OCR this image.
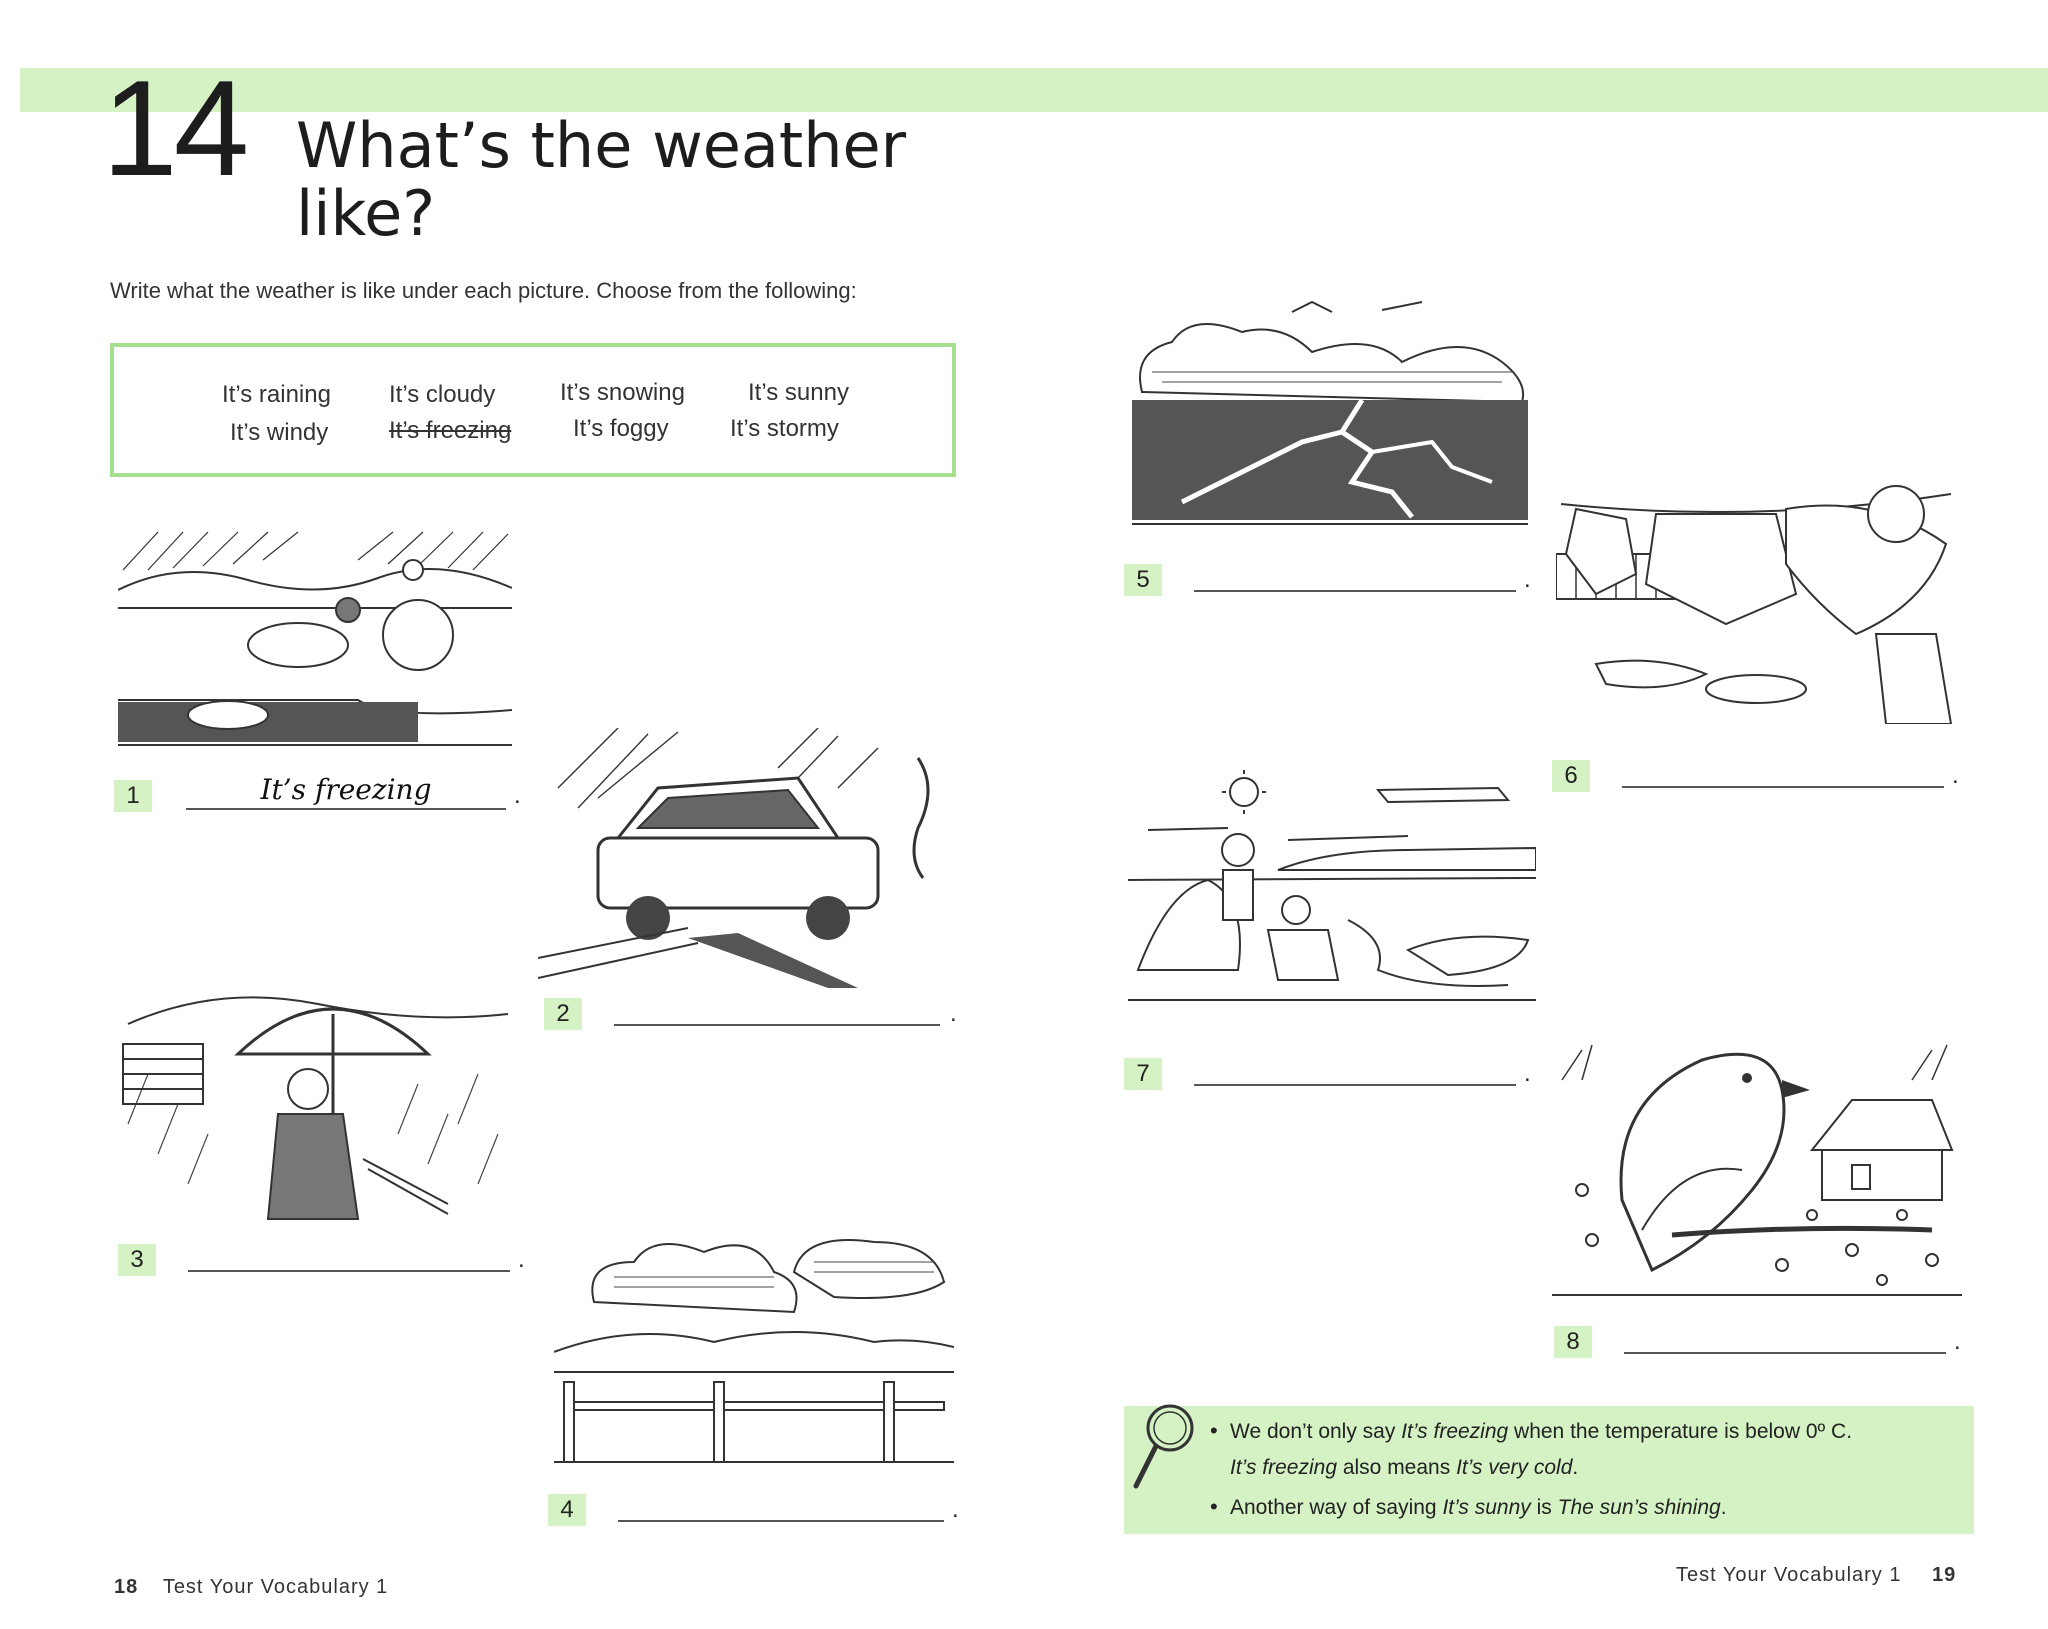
14 What’s the weather
like?
Write what the weather is like under each picture. Choose from the following:
It’s raining It’s cloudy	It’s snowing	It’s sunny
It’s windy	It’s freezing	It’s foggy	It’s stormy
1	It’s freezing	.
2	.
3	.
4	.
5	.
6	.
7	.
8	.
• We don’t only say It’s freezing when the temperature is below 0º C.
It’s freezing also means It’s very cold.
• Another way of saying It’s sunny is The sun’s shining.
18 Test Your Vocabulary 1
Test Your Vocabulary 1 19
